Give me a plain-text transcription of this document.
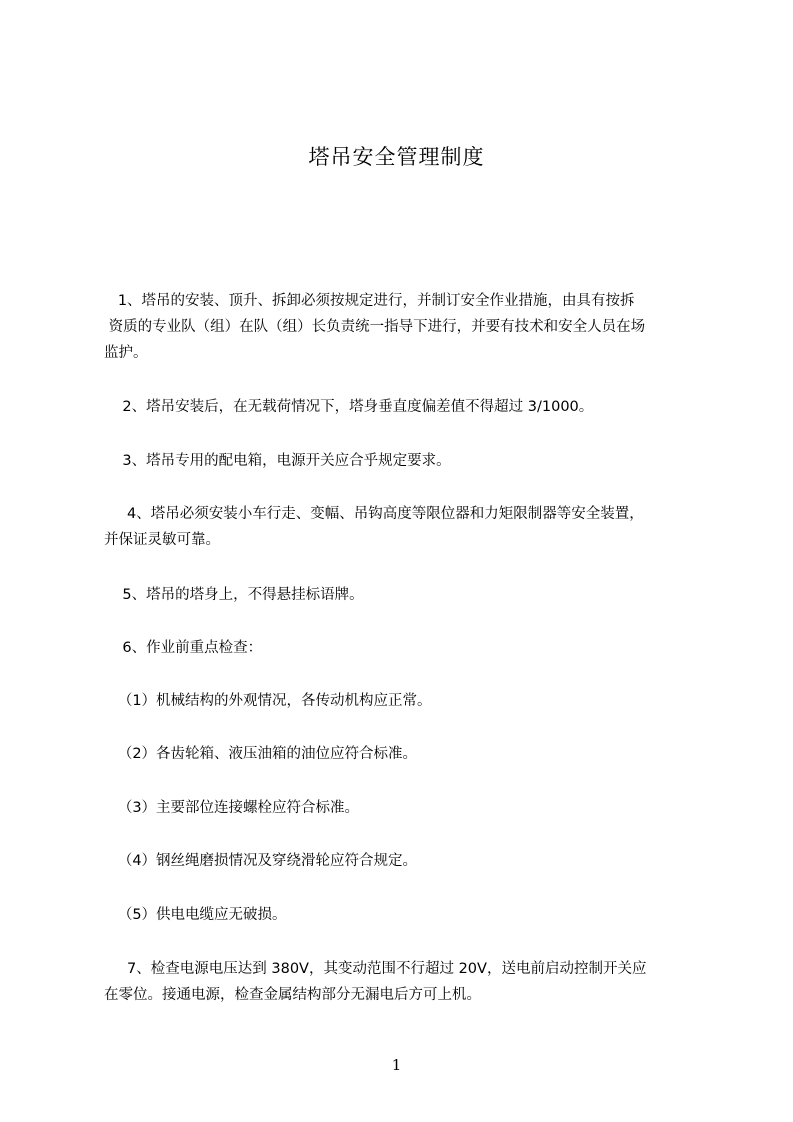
塔吊安全管理制度
1、塔吊的安装、顶升、拆卸必须按规定进行，并制订安全作业措施，由具有按拆
资质的专业队（组）在队（组）长负责统一指导下进行，并要有技术和安全人员在场
监护。
2、塔吊安装后，在无载荷情况下，塔身垂直度偏差值不得超过 3/1000。
3、塔吊专用的配电箱，电源开关应合乎规定要求。
4、塔吊必须安装小车行走、变幅、吊钩高度等限位器和力矩限制器等安全装置，
并保证灵敏可靠。
5、塔吊的塔身上，不得悬挂标语牌。
6、作业前重点检查：
（1）机械结构的外观情况，各传动机构应正常。
（2）各齿轮箱、液压油箱的油位应符合标准。
（3）主要部位连接螺栓应符合标准。
（4）钢丝绳磨损情况及穿绕滑轮应符合规定。
（5）供电电缆应无破损。
7、检查电源电压达到 380V，其变动范围不行超过 20V，送电前启动控制开关应
在零位。接通电源，检查金属结构部分无漏电后方可上机。
1
